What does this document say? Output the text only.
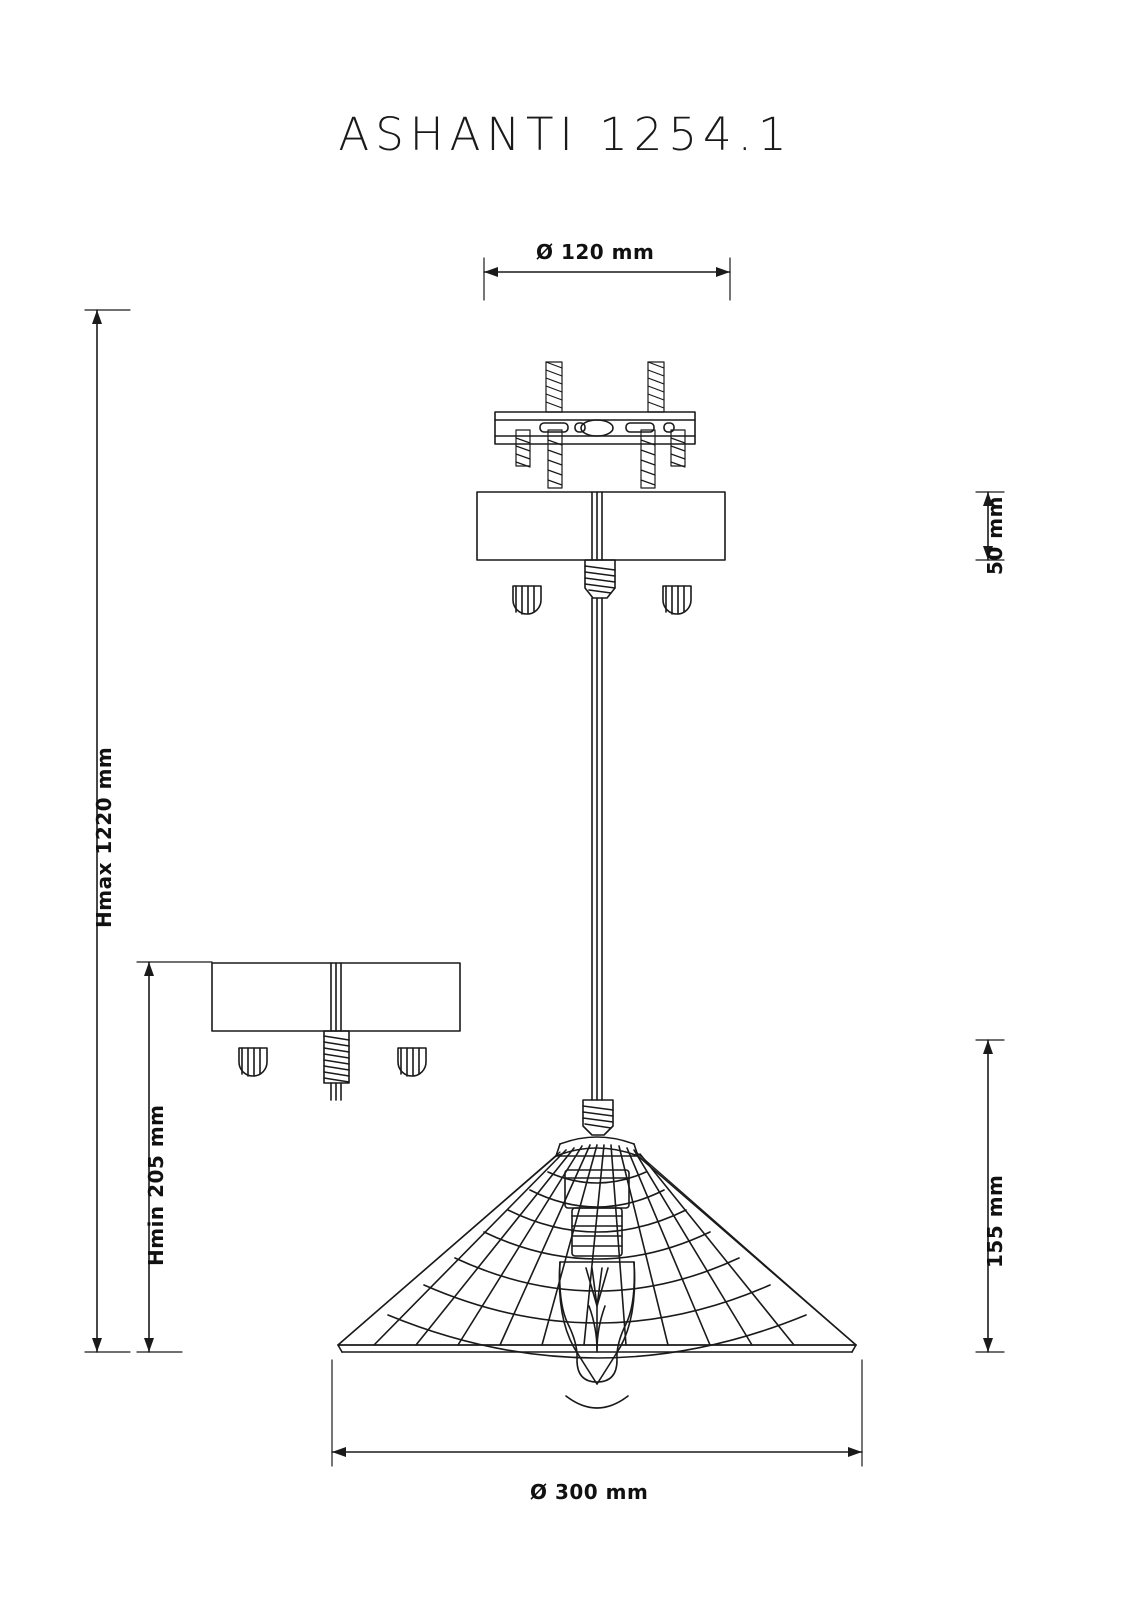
ASHANTI 1254.1
Ø 120 mm
50 mm
Hmax 1220 mm
Hmin 205 mm	155 mm
Ø 300 mm
